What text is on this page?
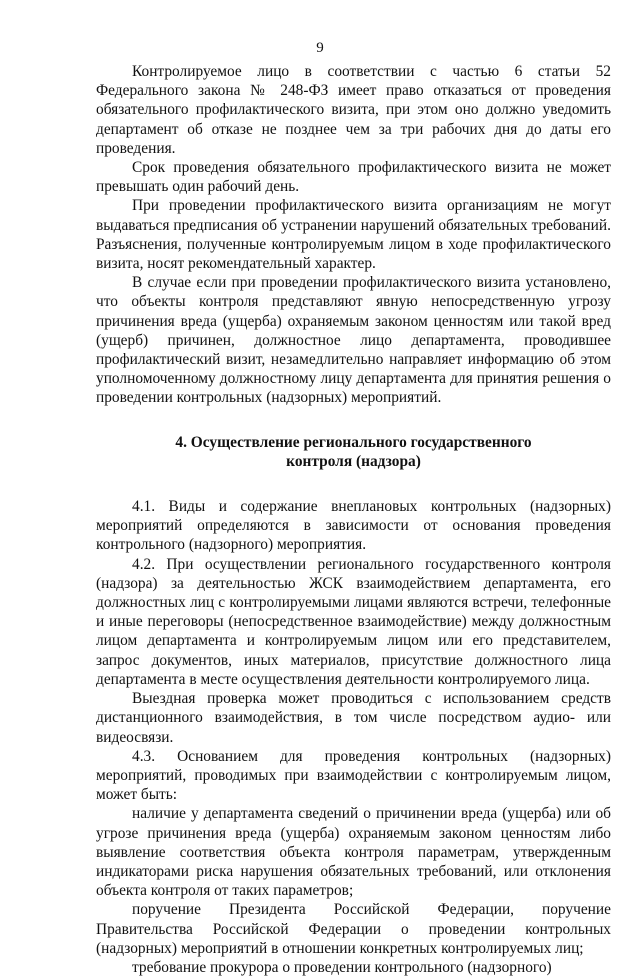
9

Контролируемое лицо в соответствии с частью 6 статьи 52 Федерального закона № 248-ФЗ имеет право отказаться от проведения обязательного профилактического визита, при этом оно должно уведомить департамент об отказе не позднее чем за три рабочих дня до даты его проведения.

Срок проведения обязательного профилактического визита не может превышать один рабочий день.

При проведении профилактического визита организациям не могут выдаваться предписания об устранении нарушений обязательных требований. Разъяснения, полученные контролируемым лицом в ходе профилактического визита, носят рекомендательный характер.

В случае если при проведении профилактического визита установлено, что объекты контроля представляют явную непосредственную угрозу причинения вреда (ущерба) охраняемым законом ценностям или такой вред (ущерб) причинен, должностное лицо департамента, проводившее профилактический визит, незамедлительно направляет информацию об этом уполномоченному должностному лицу департамента для принятия решения о проведении контрольных (надзорных) мероприятий.

4. Осуществление регионального государственного
контроля (надзора)

4.1. Виды и содержание внеплановых контрольных (надзорных) мероприятий определяются в зависимости от основания проведения контрольного (надзорного) мероприятия.

4.2. При осуществлении регионального государственного контроля (надзора) за деятельностью ЖСК взаимодействием департамента, его должностных лиц с контролируемыми лицами являются встречи, телефонные и иные переговоры (непосредственное взаимодействие) между должностным лицом департамента и контролируемым лицом или его представителем, запрос документов, иных материалов, присутствие должностного лица департамента в месте осуществления деятельности контролируемого лица.

Выездная проверка может проводиться с использованием средств дистанционного взаимодействия, в том числе посредством аудио- или видеосвязи.

4.3. Основанием для проведения контрольных (надзорных) мероприятий, проводимых при взаимодействии с контролируемым лицом, может быть:

наличие у департамента сведений о причинении вреда (ущерба) или об угрозе причинения вреда (ущерба) охраняемым законом ценностям либо выявление соответствия объекта контроля параметрам, утвержденным индикаторами риска нарушения обязательных требований, или отклонения объекта контроля от таких параметров;

поручение Президента Российской Федерации, поручение Правительства Российской Федерации о проведении контрольных (надзорных) мероприятий в отношении конкретных контролируемых лиц;

требование прокурора о проведении контрольного (надзорного)
